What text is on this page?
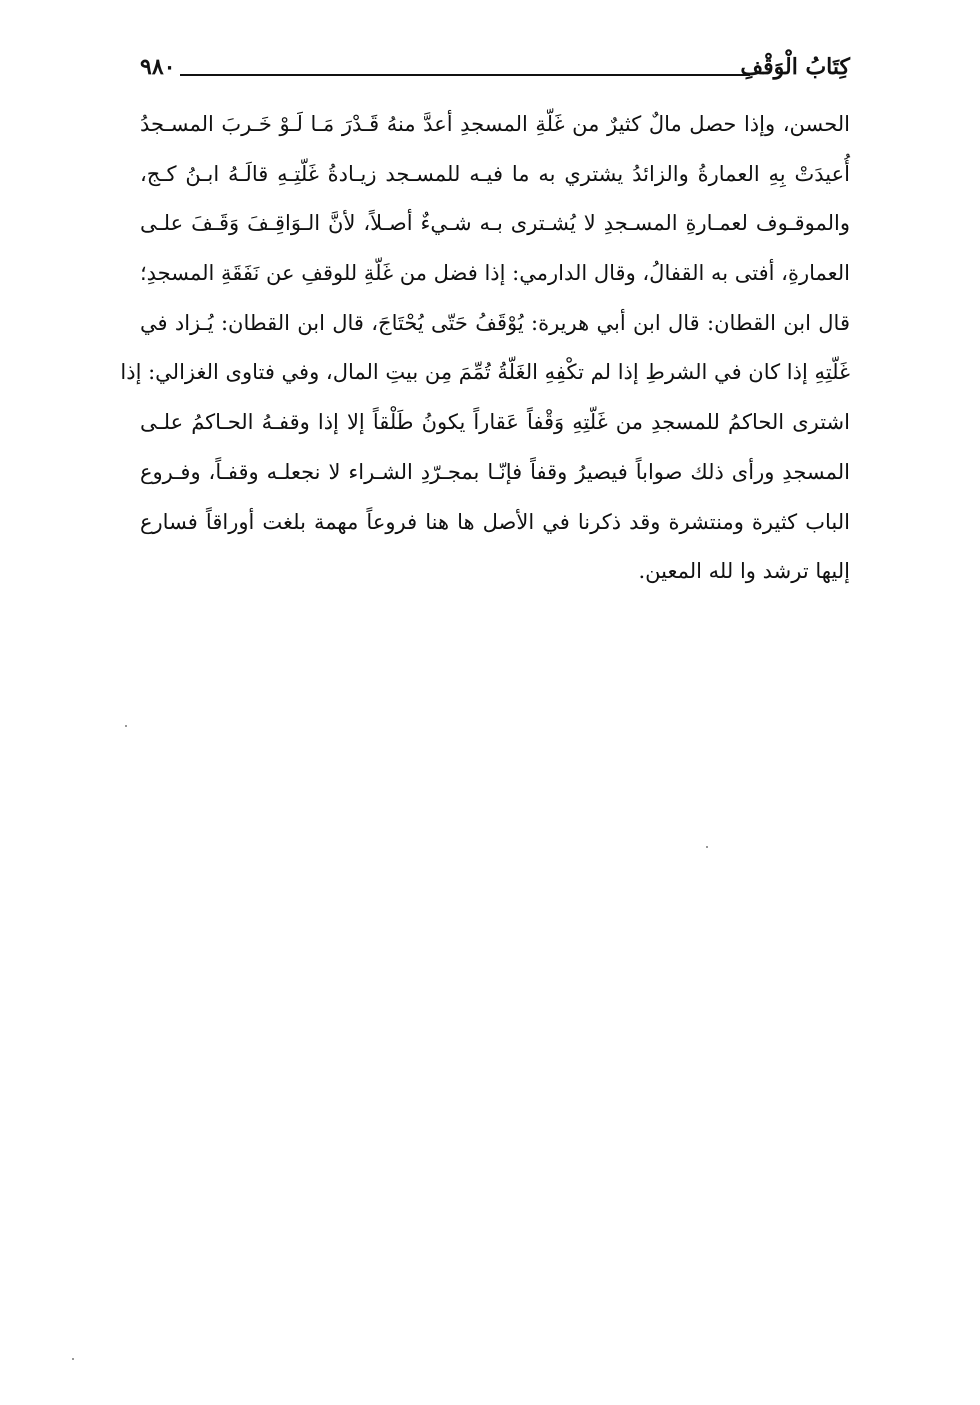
كِتَابُ الْوَقْفِ
٩٨٠
الحسن، وإذا حصل مالٌ كثيرٌ من غَلّةِ المسجدِ أعدَّ منهُ قَـدْرَ مَـا لَـوْ خَـربَ المسـجدُ
أُعيدَتْ بِهِ العمارةُ والزائدُ يشتري به ما فيـه للمسـجد زيـادةُ غَلّتِـهِ قالَـهُ ابـنُ كـج،
والموقـوف لعمـارةِ المسـجدِ لا يُشـترى بـه شـيءٌ أصـلاً، لأنَّ الـوَاقِـفَ وَقَـفَ علـى
العمارةِ، أفتى به القفالُ، وقال الدارمي: إذا فضل من غَلّةِ للوقفِ عن نَفَقَةِ المسجدِ؛
قال ابن القطان: قال ابن أبي هريرة: يُوْقَفُ حَتّى يُحْتَاجَ، قال ابن القطان: يُـزاد في
غَلّتِهِ إذا كان في الشرطِ إذا لم تكْفِهِ الغَلّةُ تُمِّمَ مِن بيتِ المال، وفي فتاوى الغزالي: إذا
اشترى الحاكمُ للمسجدِ من غَلّتِهِ وَقْفاً عَقاراً يكونُ طَلْقاً إلا إذا وقفـهُ الحـاكمُ علـى
المسجدِ ورأى ذلك صواباً فيصيرُ وقفاً فإنّـا بمجـرّدِ الشـراء لا نجعلـه وقفـاً، وفـروع
الباب كثيرة ومنتشرة وقد ذكرنا في الأصل ها هنا فروعاً مهمة بلغت أوراقاً فسارع
إليها ترشد وا لله المعين.
